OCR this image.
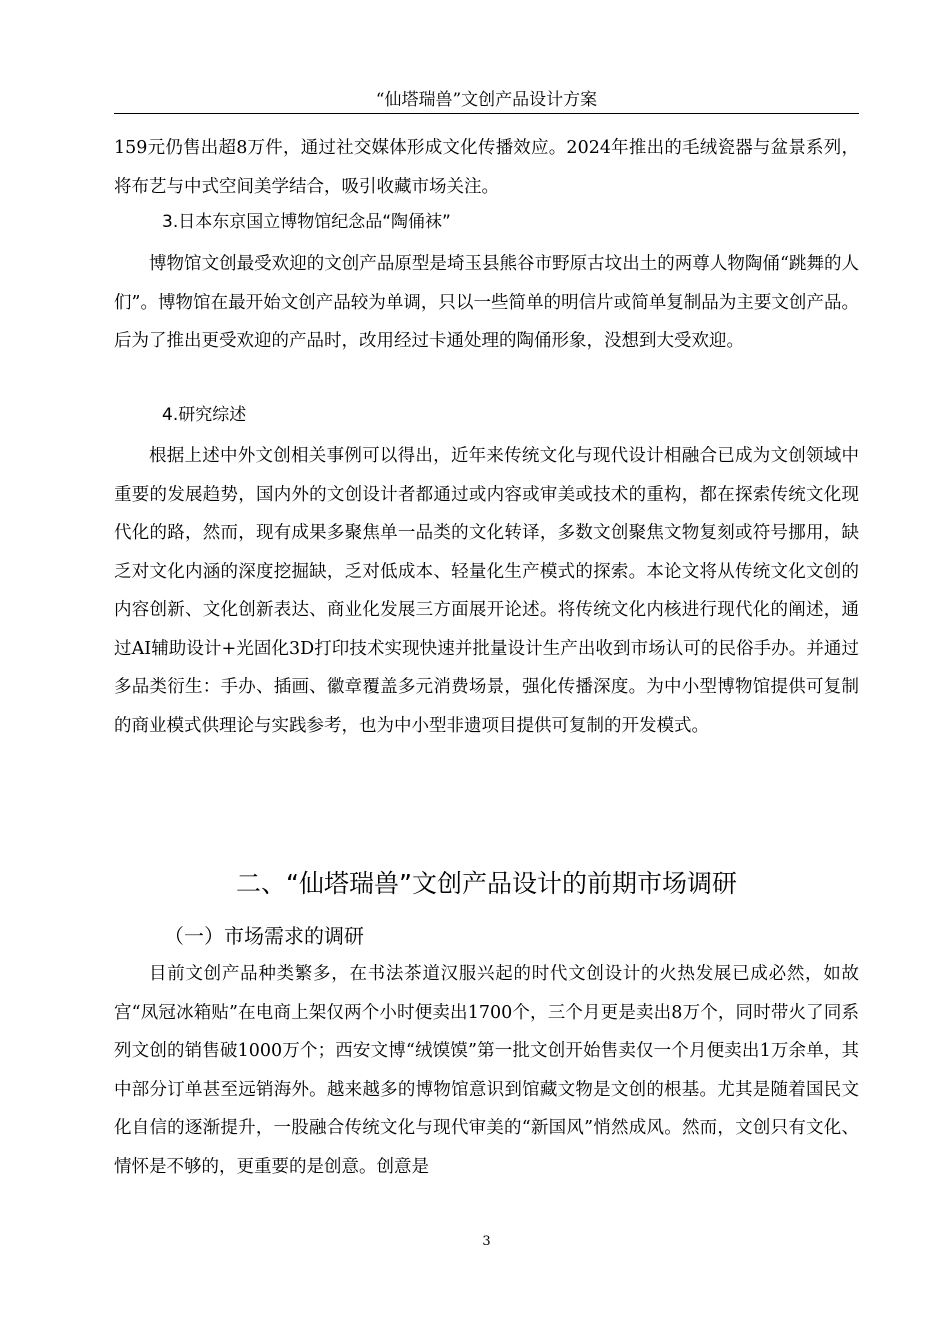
“仙塔瑞兽”文创产品设计方案

159元仍售出超8万件，通过社交媒体形成文化传播效应。2024年推出的毛绒瓷器与盆景系列，将布艺与中式空间美学结合，吸引收藏市场关注。

3.日本东京国立博物馆纪念品“陶俑袜”

博物馆文创最受欢迎的文创产品原型是埼玉县熊谷市野原古坟出土的两尊人物陶俑“跳舞的人们”。博物馆在最开始文创产品较为单调，只以一些简单的明信片或简单复制品为主要文创产品。后为了推出更受欢迎的产品时，改用经过卡通处理的陶俑形象，没想到大受欢迎。

4.研究综述

根据上述中外文创相关事例可以得出，近年来传统文化与现代设计相融合已成为文创领域中重要的发展趋势，国内外的文创设计者都通过或内容或审美或技术的重构，都在探索传统文化现代化的路，然而，现有成果多聚焦单一品类的文化转译，多数文创聚焦文物复刻或符号挪用，缺乏对文化内涵的深度挖掘缺，乏对低成本、轻量化生产模式的探索。本论文将从传统文化文创的内容创新、文化创新表达、商业化发展三方面展开论述。将传统文化内核进行现代化的阐述，通过AI辅助设计+光固化3D打印技术实现快速并批量设计生产出收到市场认可的民俗手办。并通过多品类衍生：手办、插画、徽章覆盖多元消费场景，强化传播深度。为中小型博物馆提供可复制的商业模式供理论与实践参考，也为中小型非遗项目提供可复制的开发模式。

二、“仙塔瑞兽”文创产品设计的前期市场调研
（一）市场需求的调研

目前文创产品种类繁多，在书法茶道汉服兴起的时代文创设计的火热发展已成必然，如故宫“凤冠冰箱贴”在电商上架仅两个小时便卖出1700个，三个月更是卖出8万个，同时带火了同系列文创的销售破1000万个；西安文博“绒馍馍”第一批文创开始售卖仅一个月便卖出1万余单，其中部分订单甚至远销海外。越来越多的博物馆意识到馆藏文物是文创的根基。尤其是随着国民文化自信的逐渐提升，一股融合传统文化与现代审美的“新国风”悄然成风。然而，文创只有文化、情怀是不够的，更重要的是创意。创意是

3
